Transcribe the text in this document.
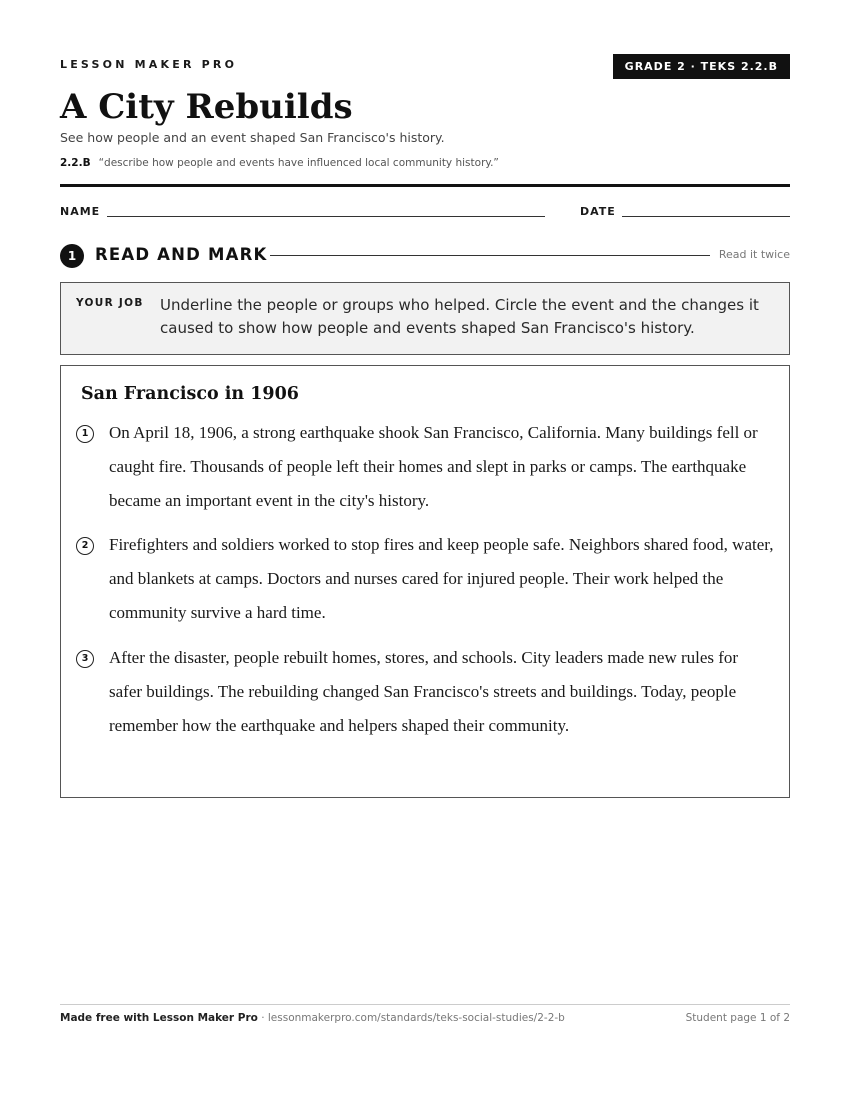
LESSON MAKER PRO	GRADE 2 · TEKS 2.2.B
A City Rebuilds
See how people and an event shaped San Francisco's history.
2.2.B “describe how people and events have influenced local community history.”
NAME	DATE
1	READ AND MARK	Read it twice
YOUR JOB Underline the people or groups who helped. Circle the event and the changes it caused to show how people and events shaped San Francisco's history.
San Francisco in 1906
1	On April 18, 1906, a strong earthquake shook San Francisco, California. Many buildings fell or caught fire. Thousands of people left their homes and slept in parks or camps. The earthquake became an important event in the city's history.

2	Firefighters and soldiers worked to stop fires and keep people safe. Neighbors shared food, water, and blankets at camps. Doctors and nurses cared for injured people. Their work helped the community survive a hard time.

3	After the disaster, people rebuilt homes, stores, and schools. City leaders made new rules for safer buildings. The rebuilding changed San Francisco's streets and buildings. Today, people remember how the earthquake and helpers shaped their community.

Made free with Lesson Maker Pro · lessonmakerpro.com/standards/teks-social-studies/2-2-b	Student page 1 of 2
